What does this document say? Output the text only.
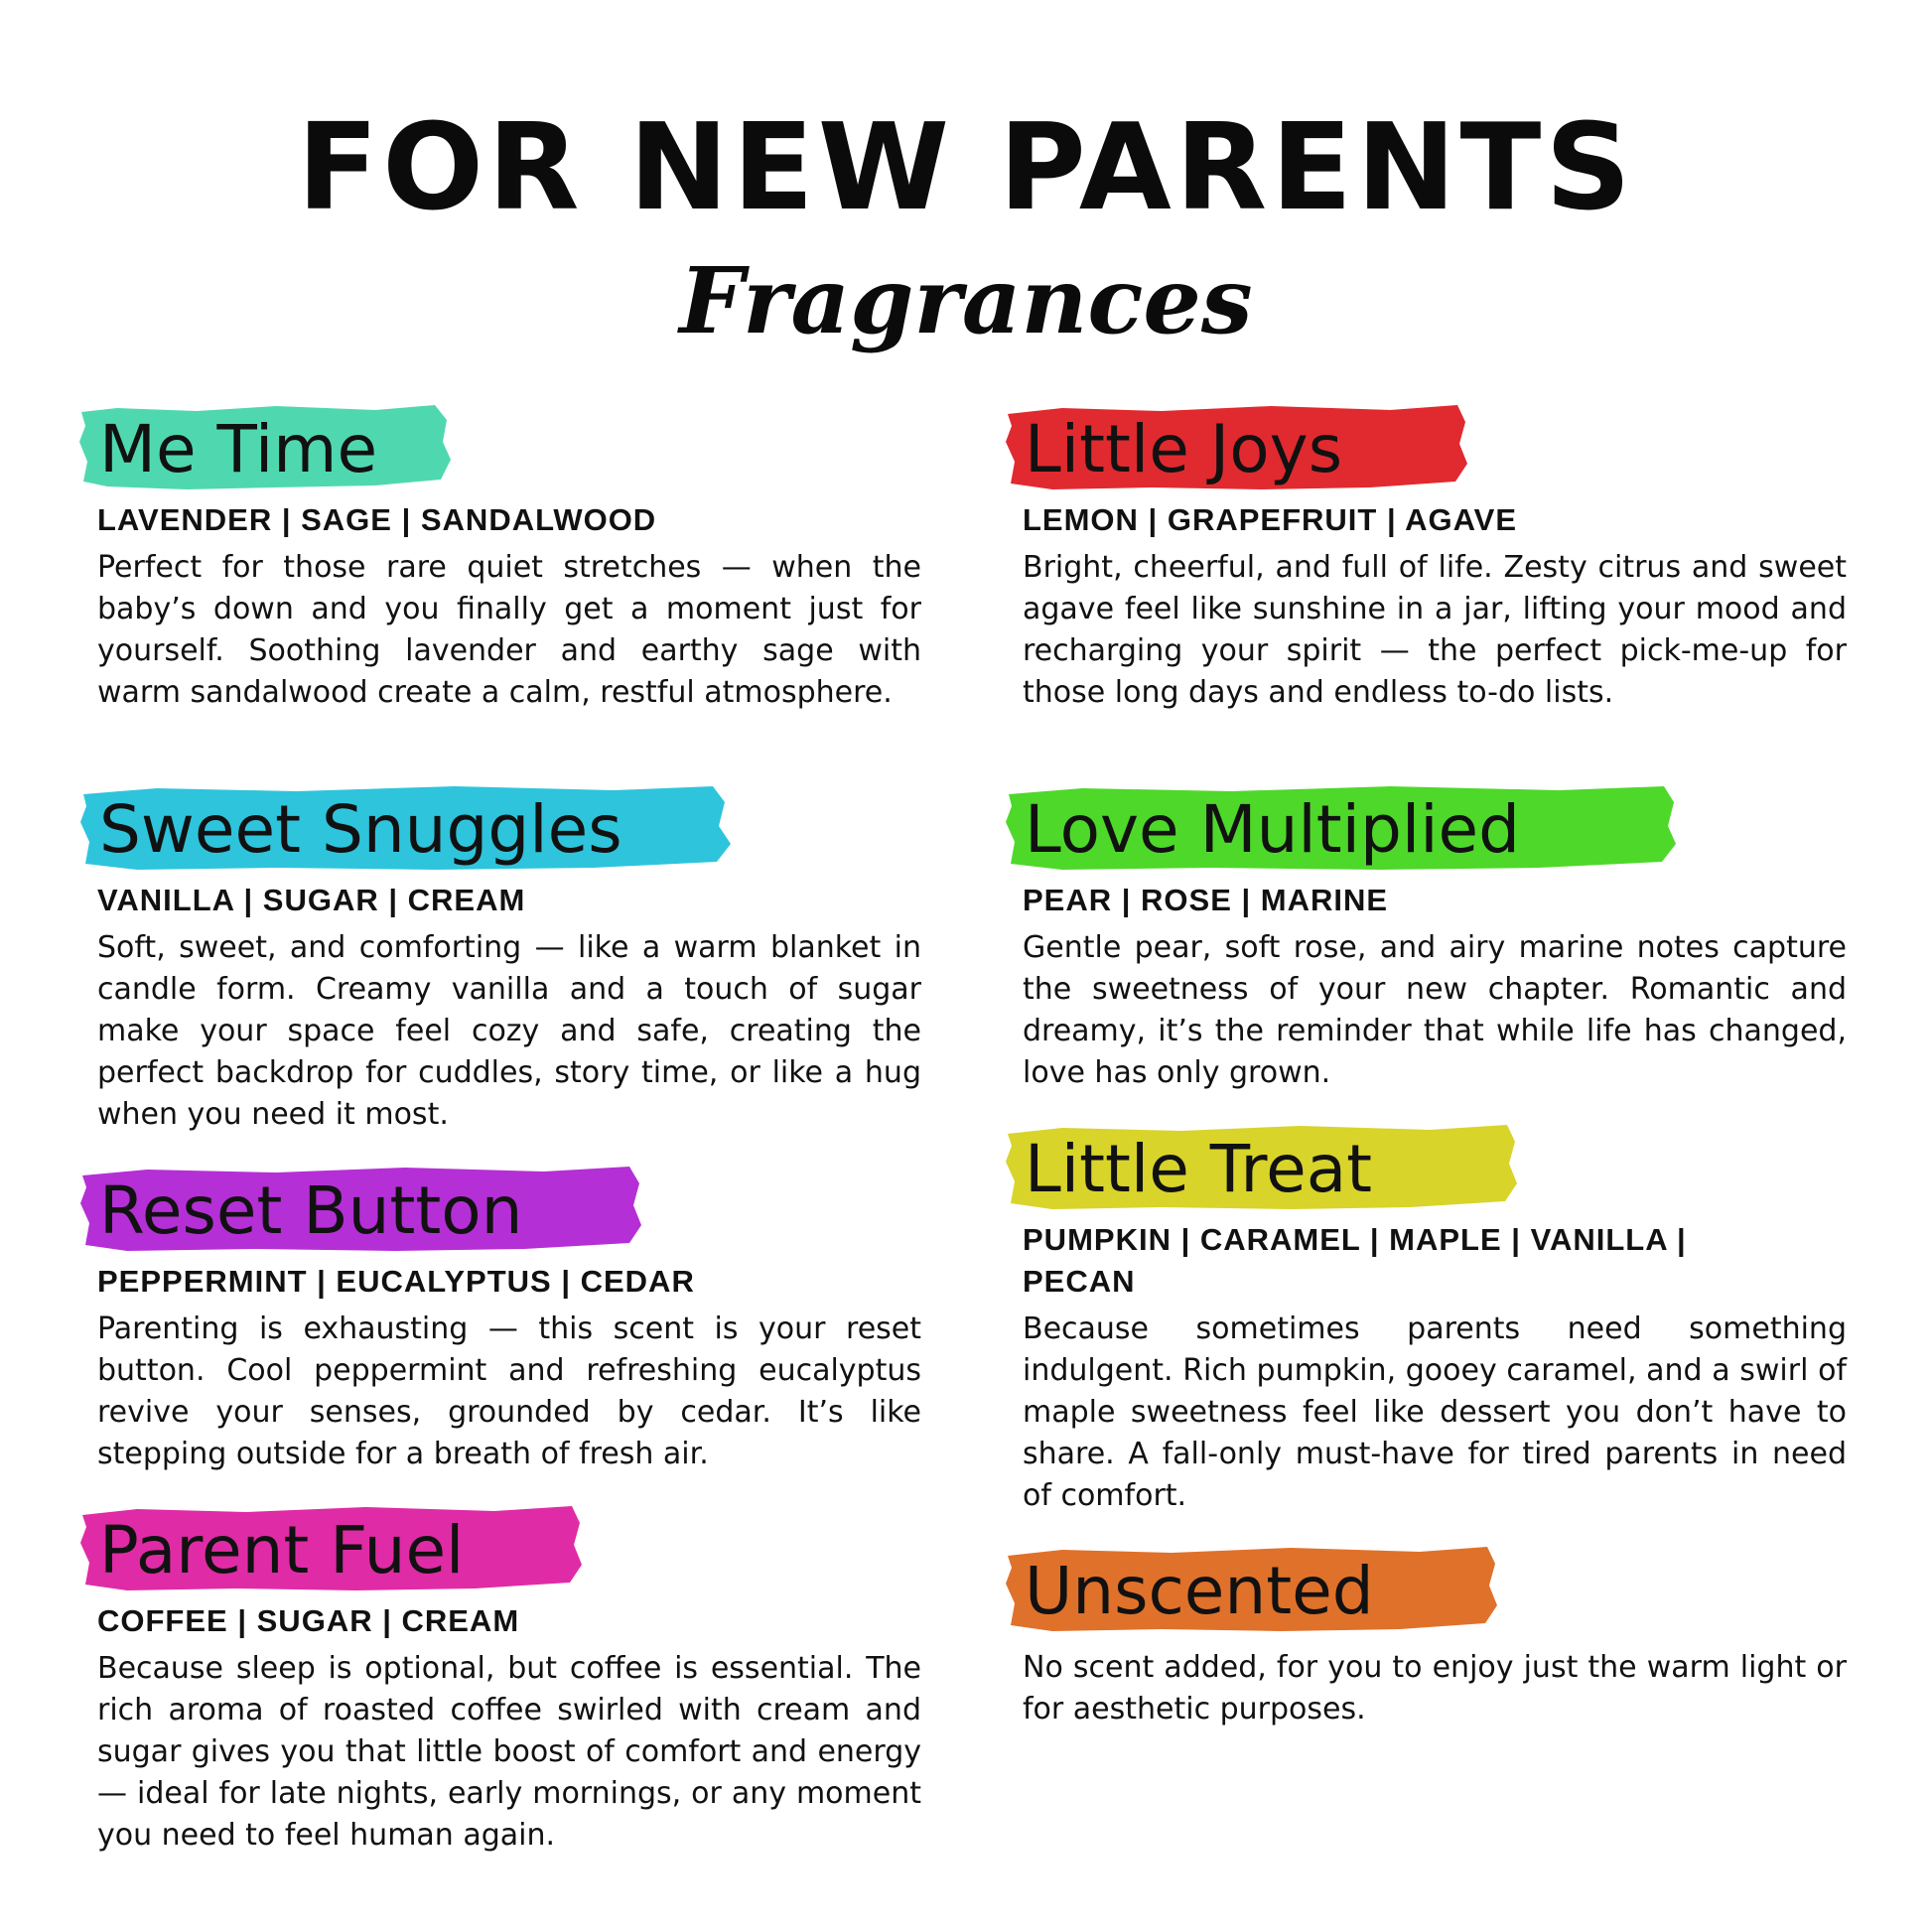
FOR NEW PARENTS
Fragrances
Me Time
LAVENDER | SAGE | SANDALWOOD

Perfect for those rare quiet stretches — when the baby’s down and you finally get a moment just for yourself. Soothing lavender and earthy sage with warm sandalwood create a calm, restful atmosphere.

Sweet Snuggles
VANILLA | SUGAR | CREAM

Soft, sweet, and comforting — like a warm blanket in candle form. Creamy vanilla and a touch of sugar make your space feel cozy and safe, creating the perfect backdrop for cuddles, story time, or like a hug when you need it most.

Reset Button
PEPPERMINT | EUCALYPTUS | CEDAR

Parenting is exhausting — this scent is your reset button. Cool peppermint and refreshing eucalyptus revive your senses, grounded by cedar. It’s like stepping outside for a breath of fresh air.

Parent Fuel
COFFEE | SUGAR | CREAM

Because sleep is optional, but coffee is essential. The rich aroma of roasted coffee swirled with cream and sugar gives you that little boost of comfort and energy — ideal for late nights, early mornings, or any moment you need to feel human again.

Little Joys
LEMON | GRAPEFRUIT | AGAVE

Bright, cheerful, and full of life. Zesty citrus and sweet agave feel like sunshine in a jar, lifting your mood and recharging your spirit — the perfect pick-me-up for those long days and endless to-do lists.

Love Multiplied
PEAR | ROSE | MARINE

Gentle pear, soft rose, and airy marine notes capture the sweetness of your new chapter. Romantic and dreamy, it’s the reminder that while life has changed, love has only grown.

Little Treat
PUMPKIN | CARAMEL | MAPLE | VANILLA | PECAN

Because sometimes parents need something indulgent. Rich pumpkin, gooey caramel, and a swirl of maple sweetness feel like dessert you don’t have to share. A fall-only must-have for tired parents in need of comfort.

Unscented

No scent added, for you to enjoy just the warm light or for aesthetic purposes.
